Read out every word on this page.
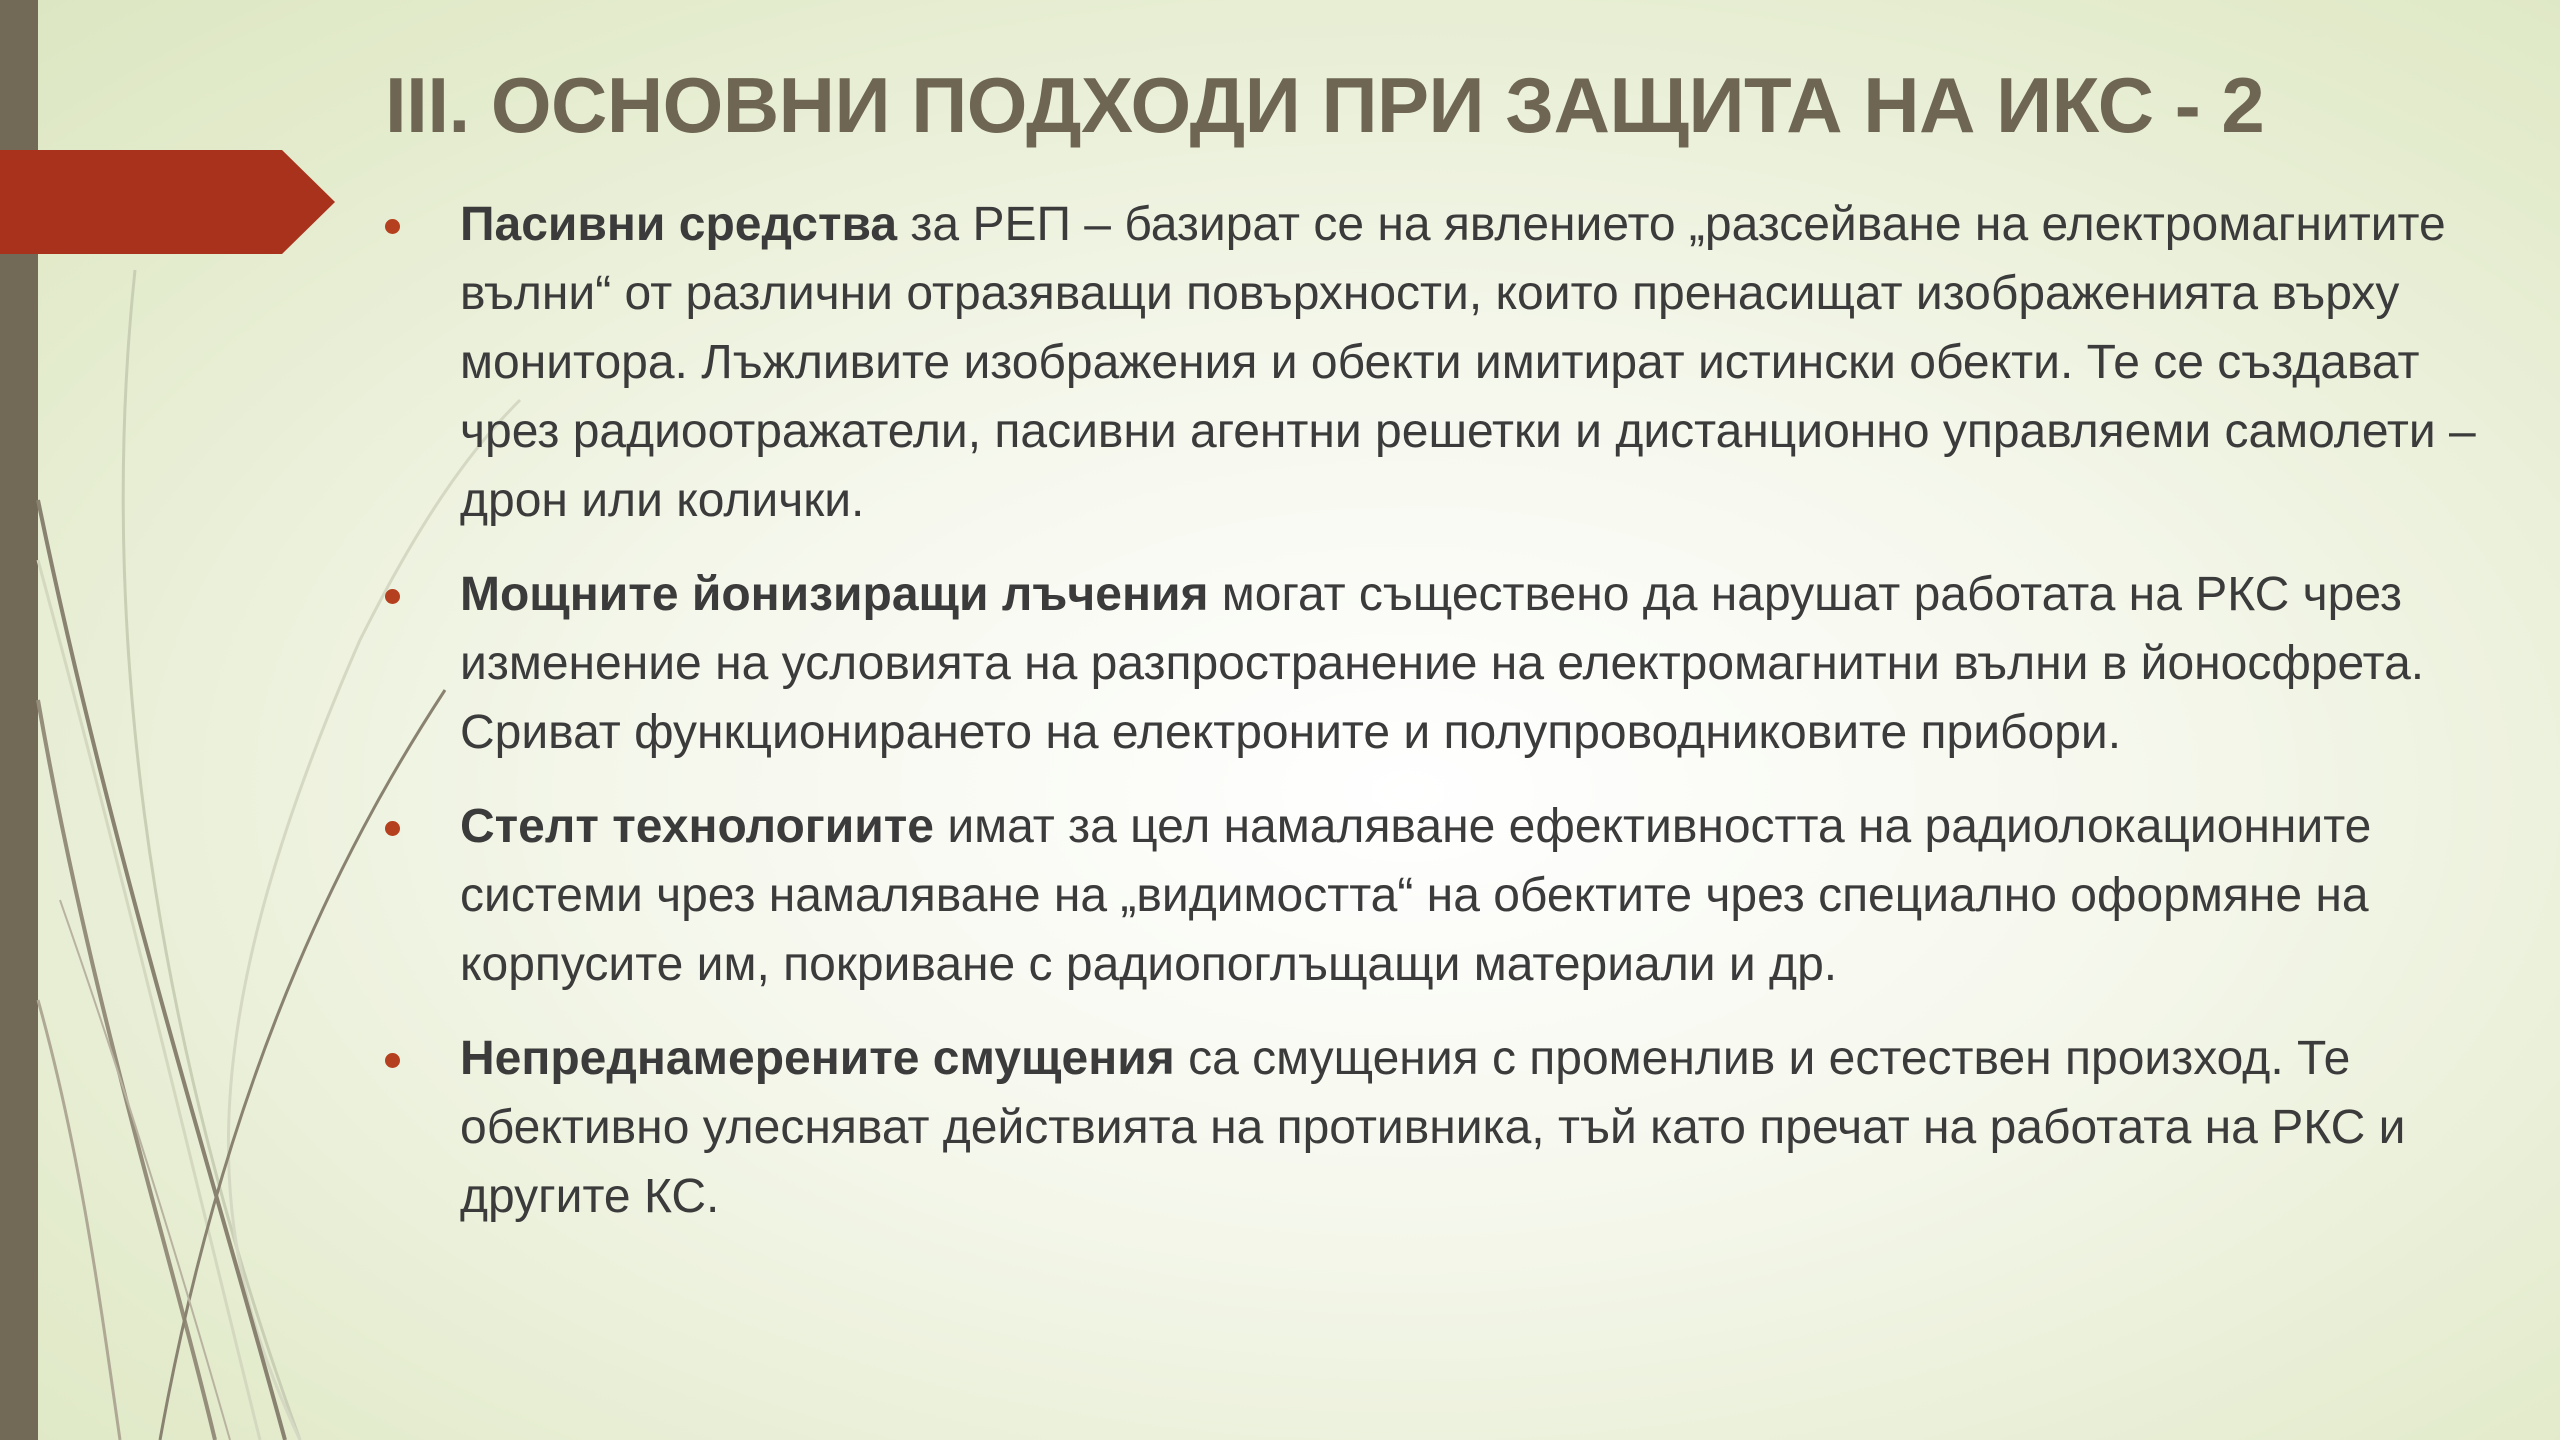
III. ОСНОВНИ ПОДХОДИ ПРИ ЗАЩИТА НА ИКС - 2
Пасивни средства за РЕП – базират се на явлението „разсейване на електромагнитите вълни“ от различни отразяващи повърхности, които пренасищат изображенията върху монитора. Лъжливите изображения и обекти имитират истински обекти. Те се създават чрез радиоотражатели, пасивни агентни решетки и дистанционно управляеми самолети – дрон или колички.
Мощните йонизиращи лъчения могат съществено да нарушат работата на РКС чрез изменение на условията на разпространение на електромагнитни вълни в йоносфрета. Сриват функционирането на електроните и полупроводниковите прибори.
Стелт технологиите имат за цел намаляване ефективността на радиолокационните системи чрез намаляване на „видимостта“ на обектите чрез специално оформяне на корпусите им, покриване с радиопоглъщащи материали и др.
Непреднамерените смущения са смущения с променлив и естествен произход. Те обективно улесняват действията на противника, тъй като пречат на работата на РКС и другите КС.
